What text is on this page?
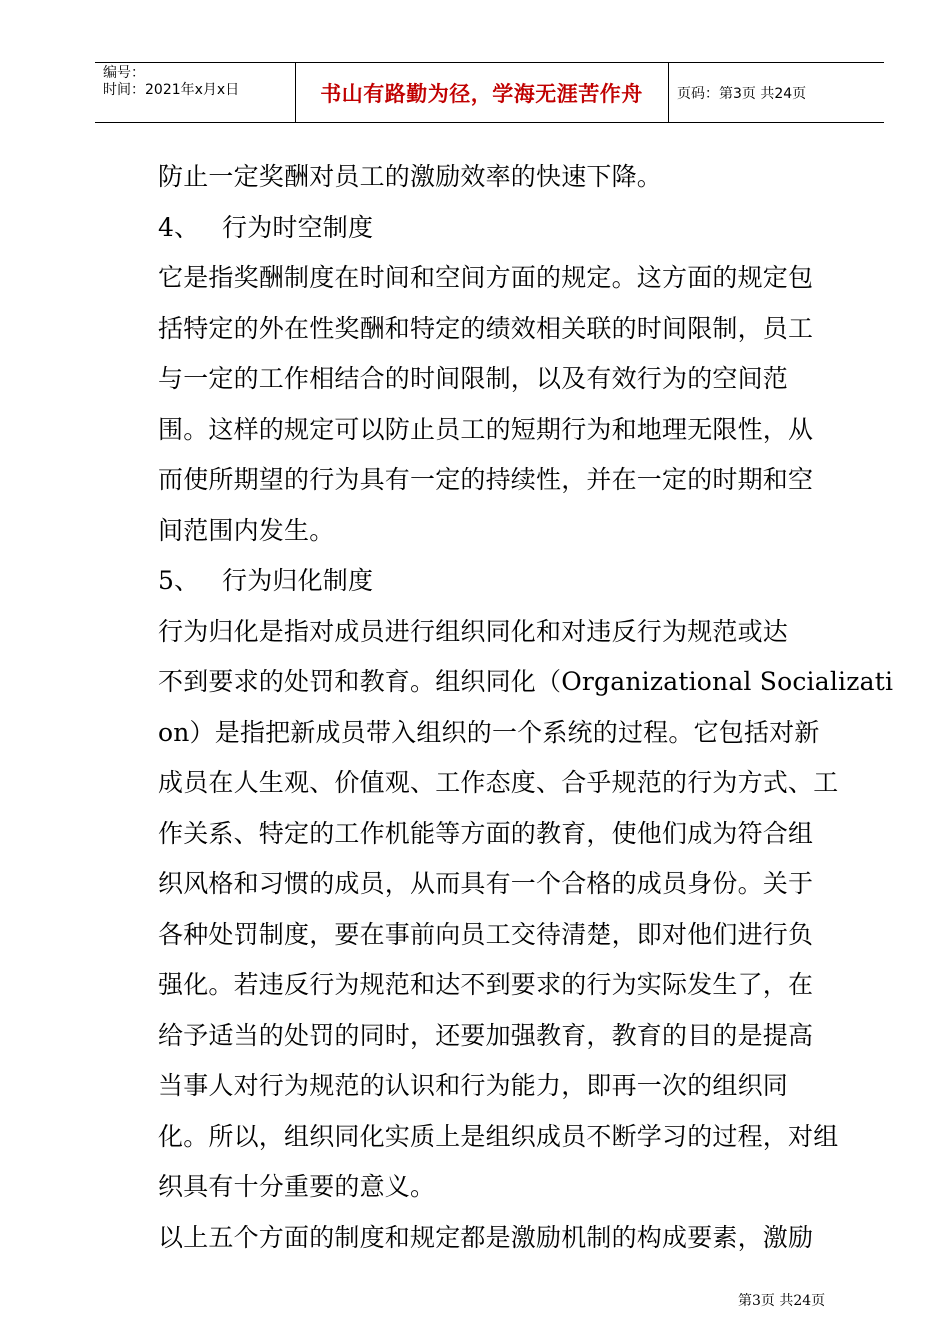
编号：
时间：2021年x月x日	书山有路勤为径，学海无涯苦作舟	页码：第3页 共24页

防止一定奖酬对员工的激励效率的快速下降。

4、 行为时空制度

它是指奖酬制度在时间和空间方面的规定。这方面的规定包

括特定的外在性奖酬和特定的绩效相关联的时间限制，员工

与一定的工作相结合的时间限制，以及有效行为的空间范

围。这样的规定可以防止员工的短期行为和地理无限性，从

而使所期望的行为具有一定的持续性，并在一定的时期和空

间范围内发生。

5、 行为归化制度

行为归化是指对成员进行组织同化和对违反行为规范或达

不到要求的处罚和教育。组织同化（Organizational Socializati

on）是指把新成员带入组织的一个系统的过程。它包括对新

成员在人生观、价值观、工作态度、合乎规范的行为方式、工

作关系、特定的工作机能等方面的教育，使他们成为符合组

织风格和习惯的成员，从而具有一个合格的成员身份。关于

各种处罚制度，要在事前向员工交待清楚，即对他们进行负

强化。若违反行为规范和达不到要求的行为实际发生了，在

给予适当的处罚的同时，还要加强教育，教育的目的是提高

当事人对行为规范的认识和行为能力，即再一次的组织同

化。所以，组织同化实质上是组织成员不断学习的过程，对组

织具有十分重要的意义。

以上五个方面的制度和规定都是激励机制的构成要素，激励

第3页 共24页
